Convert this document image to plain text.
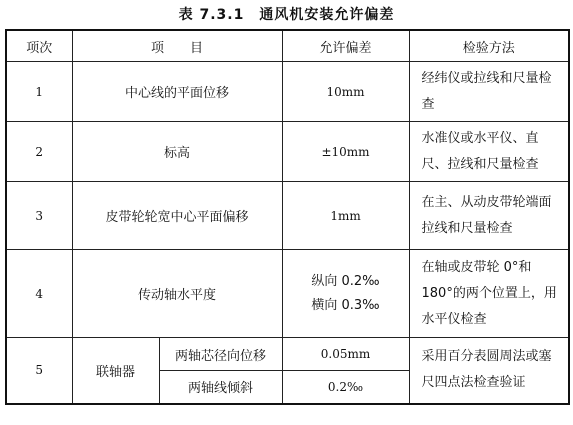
表 7.3.1　通风机安装允许偏差
项次	项　　目		允许偏差	检验方法
1	中心线的平面位移		10mm	经纬仪或拉线和尺量检查
2	标高		±10mm	水准仪或水平仪、直尺、拉线和尺量检查
3	皮带轮轮宽中心平面偏移		1mm	在主、从动皮带轮端面拉线和尺量检查
4	传动轴水平度		纵向 0.2‰
横向 0.3‰	在轴或皮带轮 0°和 180°的两个位置上，用水平仪检查
5	联轴器	两轴芯径向位移	0.05mm	采用百分表圆周法或塞尺四点法检查验证
		两轴线倾斜	0.2‰	
